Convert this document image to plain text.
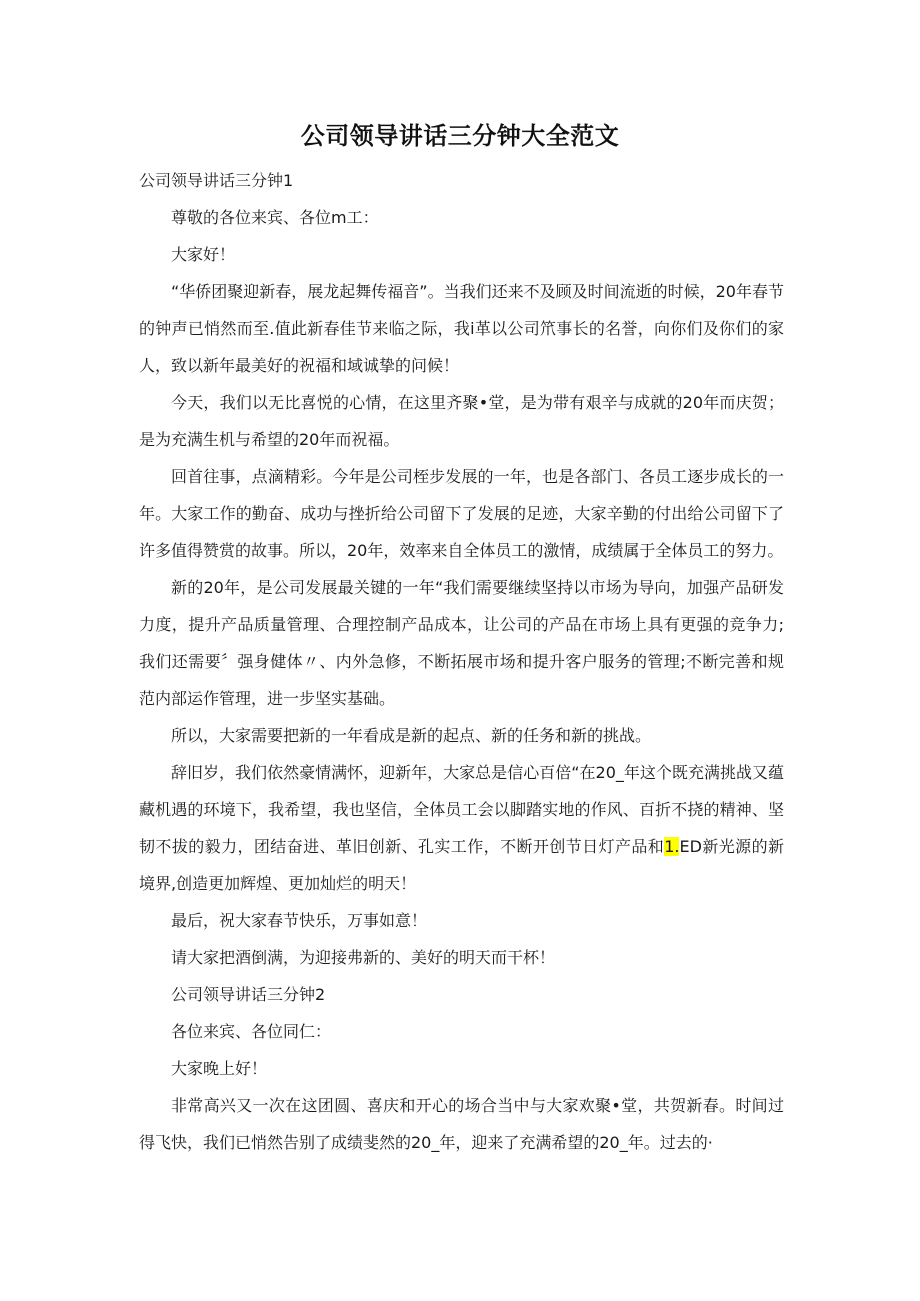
公司领导讲话三分钟大全范文

公司领导讲话三分钟1

尊敬的各位来宾、各位m工：

大家好！

“华侨团聚迎新春，展龙起舞传福音”。当我们还来不及顾及时间流逝的时候，20年春节的钟声已悄然而至.值此新春佳节来临之际，我i革以公司笊事长的名誉，向你们及你们的家人，致以新年最美好的祝福和域诚挚的问候！

今天，我们以无比喜悦的心情，在这里齐聚•堂，是为带有艰辛与成就的20年而庆贺；是为充满生机与希望的20年而祝福。

回首往事，点滴精彩。今年是公司桎步发展的一年，也是各部门、各员工逐步成长的一年。大家工作的勤奋、成功与挫折给公司留下了发展的足迹，大家辛勤的付出给公司留下了许多值得赞赏的故事。所以，20年，效率来自全体员工的激情，成绩属于全体员工的努力。

新的20年，是公司发展最关键的一年“我们需要继续坚持以市场为导向，加强产品研发力度，提升产品质量管理、合理控制产品成本，让公司的产品在市场上具有更强的竞争力;我们还需要〞强身健体〃、内外急修，不断拓展市场和提升客户服务的管理;不断完善和规范内部运作管理，进一步坚实基础。

所以，大家需要把新的一年看成是新的起点、新的任务和新的挑战。

辞旧岁，我们依然豪情满怀，迎新年，大家总是信心百倍“在20_年这个既充满挑战又蕴藏机遇的环境下，我希望，我也坚信，全体员工会以脚踏实地的作风、百折不挠的精神、坚韧不拔的毅力，团结奋进、革旧创新、孔实工作，不断开创节日灯产品和1.ED新光源的新境界,创造更加辉煌、更加灿烂的明天！

最后，祝大家春节快乐，万事如意！

请大家把酒倒满，为迎接弗新的、美好的明天而干杯！

公司领导讲话三分钟2

各位来宾、各位同仁：

大家晚上好！

非常高兴又一次在这团圆、喜庆和开心的场合当中与大家欢聚•堂，共贺新春。时间过得飞快，我们已悄然告别了成绩斐然的20_年，迎来了充满希望的20_年。过去的·
